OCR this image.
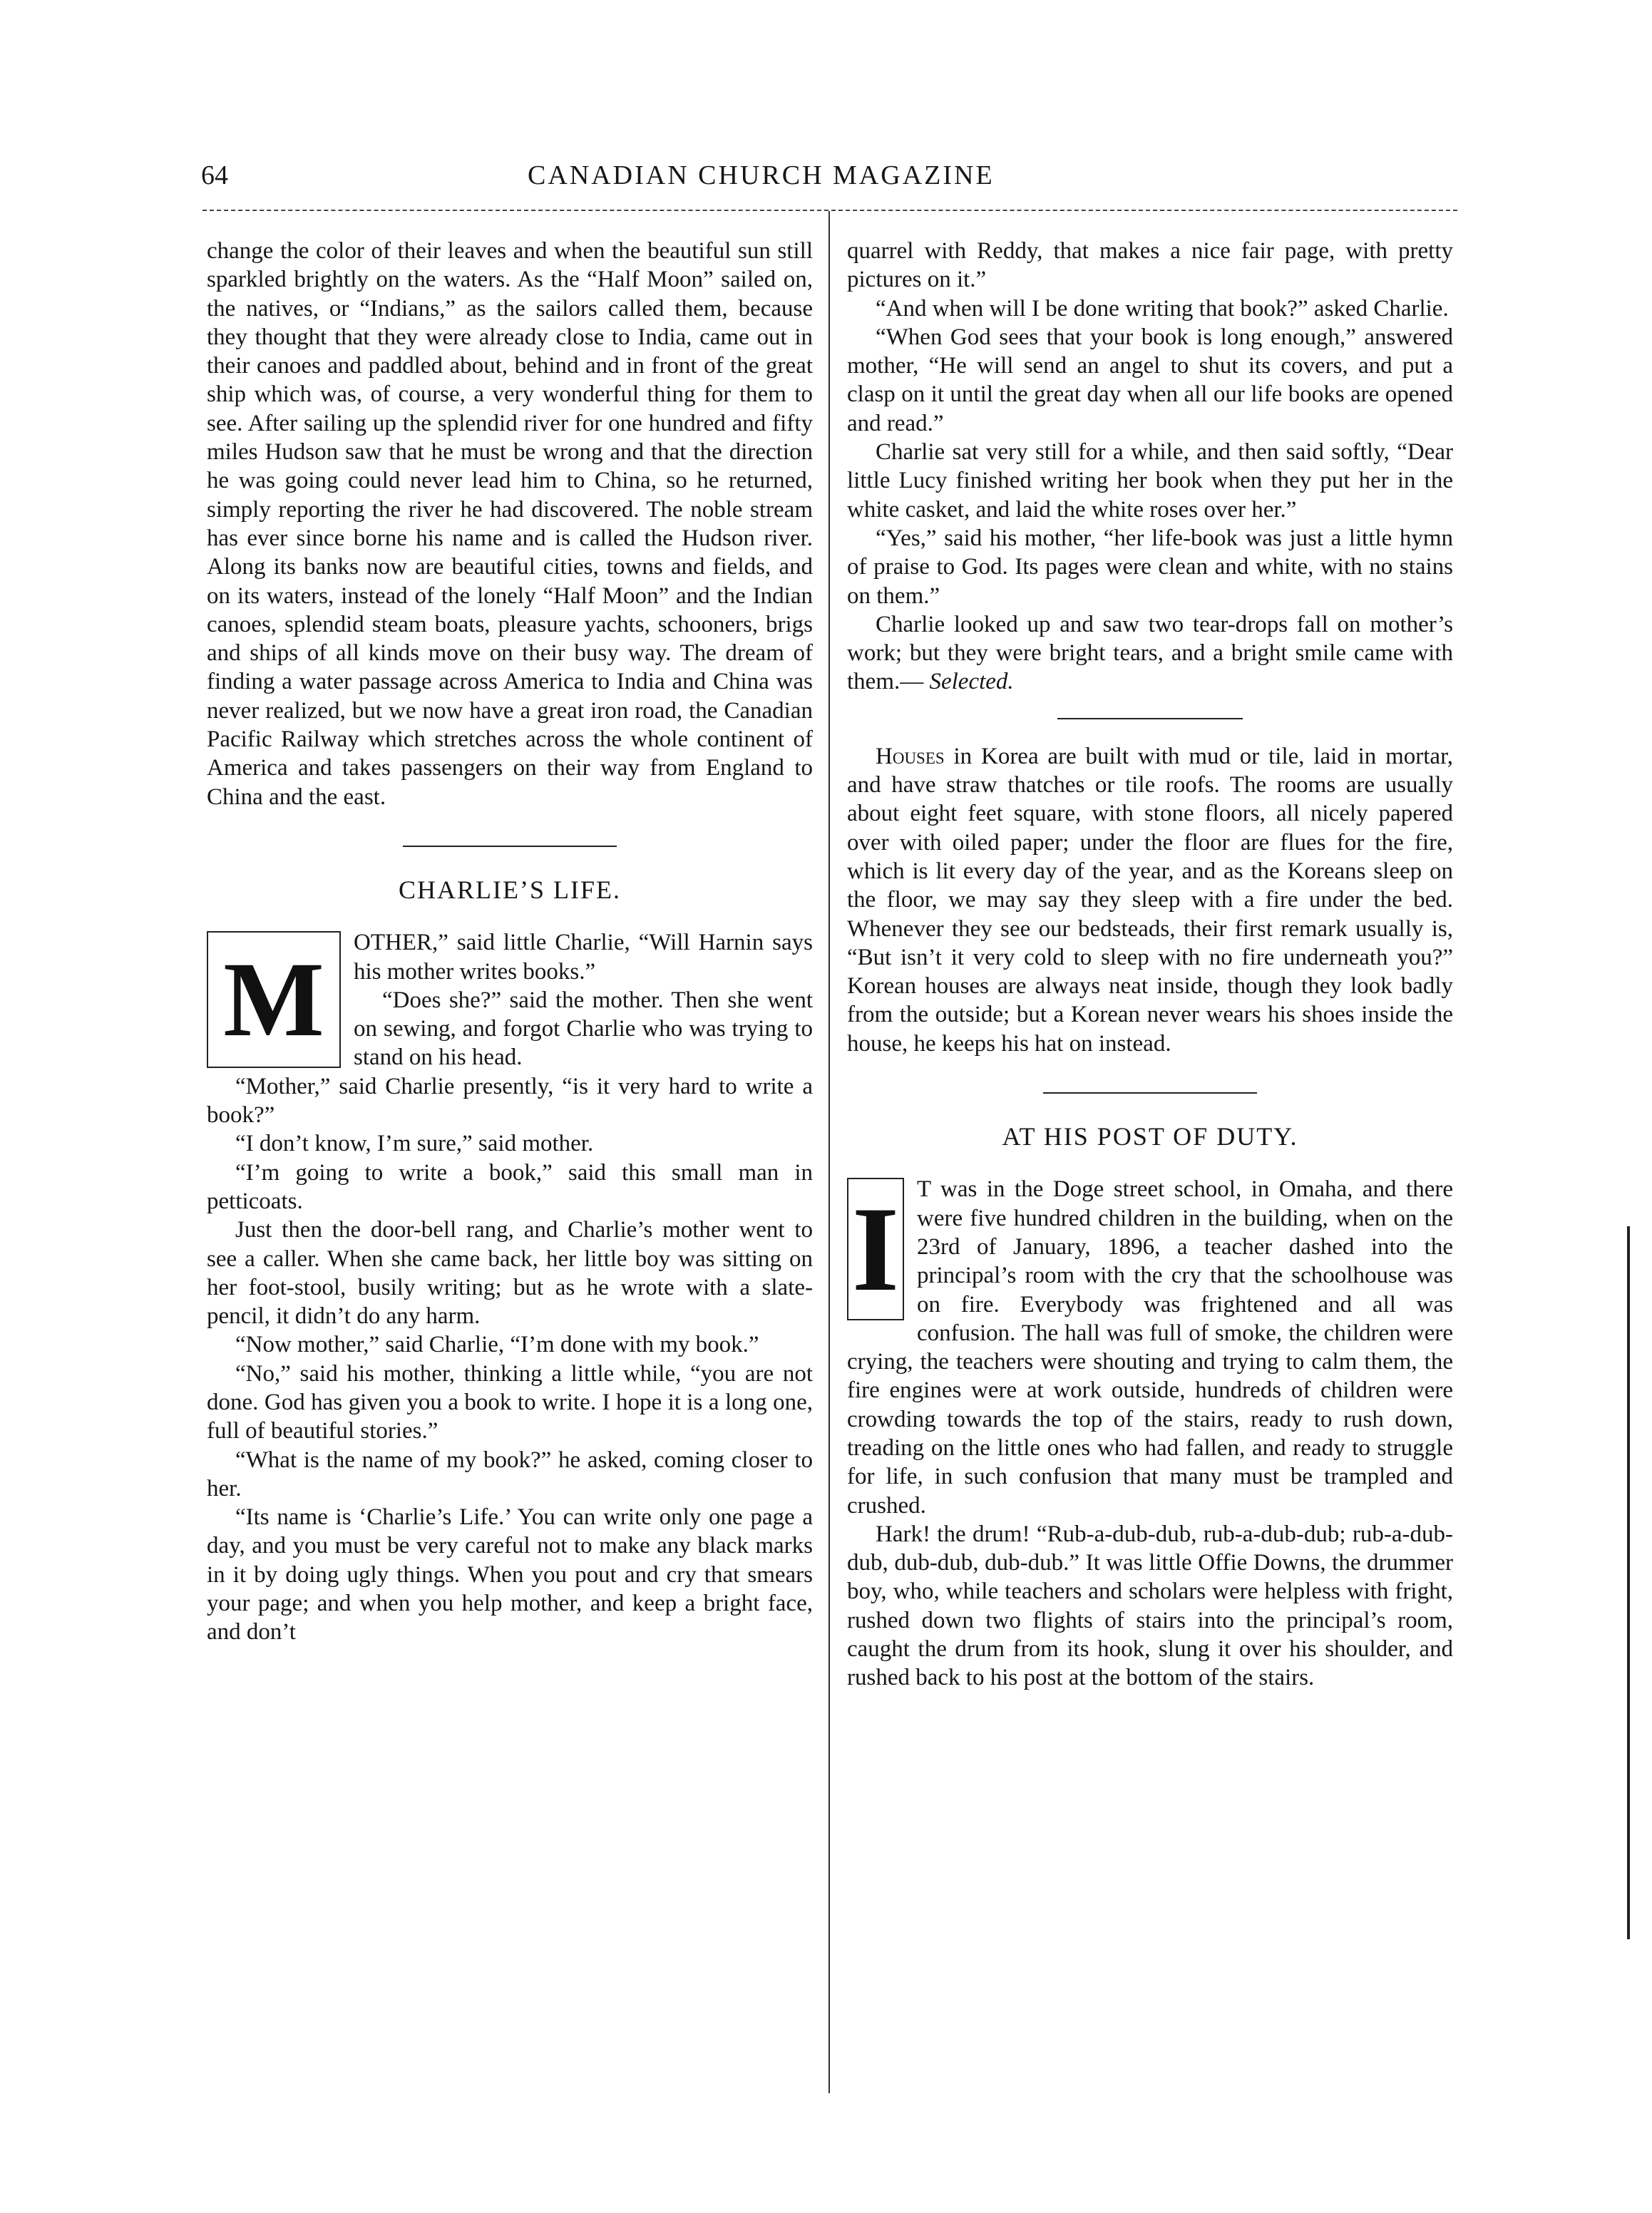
64	CANADIAN CHURCH MAGAZINE

change the color of their leaves and when the beautiful sun still sparkled brightly on the waters. As the “Half Moon” sailed on, the natives, or “Indians,” as the sailors called them, because they thought that they were already close to India, came out in their canoes and paddled about, behind and in front of the great ship which was, of course, a very wonderful thing for them to see. After sailing up the splendid river for one hundred and fifty miles Hudson saw that he must be wrong and that the direction he was going could never lead him to China, so he returned, simply reporting the river he had discovered. The noble stream has ever since borne his name and is called the Hudson river. Along its banks now are beautiful cities, towns and fields, and on its waters, instead of the lonely “Half Moon” and the Indian canoes, splendid steam boats, pleasure yachts, schooners, brigs and ships of all kinds move on their busy way. The dream of finding a water passage across America to India and China was never realized, but we now have a great iron road, the Canadian Pacific Railway which stretches across the whole continent of America and takes passengers on their way from England to China and the east.

CHARLIE’S LIFE.

M	OTHER,” said little Charlie, “Will Harnin says his mother writes books.”

“Does she?” said the mother. Then she went on sewing, and forgot Charlie who was trying to stand on his head.

“Mother,” said Charlie presently, “is it very hard to write a book?”

“I don’t know, I’m sure,” said mother.

“I’m going to write a book,” said this small man in petticoats.

Just then the door-bell rang, and Charlie’s mother went to see a caller. When she came back, her little boy was sitting on her foot-stool, busily writing; but as he wrote with a slate-pencil, it didn’t do any harm.

“Now mother,” said Charlie, “I’m done with my book.”

“No,” said his mother, thinking a little while, “you are not done. God has given you a book to write. I hope it is a long one, full of beautiful stories.”

“What is the name of my book?” he asked, coming closer to her.

“Its name is ‘Charlie’s Life.’ You can write only one page a day, and you must be very careful not to make any black marks in it by doing ugly things. When you pout and cry that smears your page; and when you help mother, and keep a bright face, and don’t

quarrel with Reddy, that makes a nice fair page, with pretty pictures on it.”

“And when will I be done writing that book?” asked Charlie.

“When God sees that your book is long enough,” answered mother, “He will send an angel to shut its covers, and put a clasp on it until the great day when all our life books are opened and read.”

Charlie sat very still for a while, and then said softly, “Dear little Lucy finished writing her book when they put her in the white casket, and laid the white roses over her.”

“Yes,” said his mother, “her life-book was just a little hymn of praise to God. Its pages were clean and white, with no stains on them.”

Charlie looked up and saw two tear-drops fall on mother’s work; but they were bright tears, and a bright smile came with them.— Selected.

Houses in Korea are built with mud or tile, laid in mortar, and have straw thatches or tile roofs. The rooms are usually about eight feet square, with stone floors, all nicely papered over with oiled paper; under the floor are flues for the fire, which is lit every day of the year, and as the Koreans sleep on the floor, we may say they sleep with a fire under the bed. Whenever they see our bedsteads, their first remark usually is, “But isn’t it very cold to sleep with no fire underneath you?” Korean houses are always neat inside, though they look badly from the outside; but a Korean never wears his shoes inside the house, he keeps his hat on instead.

AT HIS POST OF DUTY.

I T was in the Doge street school, in Omaha, and there were five hundred children in the building, when on the 23rd of January, 1896, a teacher dashed into the principal’s room with the cry that the schoolhouse was on fire. Everybody was frightened and all was confusion. The hall was full of smoke, the children were crying, the teachers were shouting and trying to calm them, the fire engines were at work outside, hundreds of children were crowding towards the top of the stairs, ready to rush down, treading on the little ones who had fallen, and ready to struggle for life, in such confusion that many must be trampled and crushed.

Hark! the drum! “Rub-a-dub-dub, rub-a-dub-dub; rub-a-dub-dub, dub-dub, dub-dub.” It was little Offie Downs, the drummer boy, who, while teachers and scholars were helpless with fright, rushed down two flights of stairs into the principal’s room, caught the drum from its hook, slung it over his shoulder, and rushed back to his post at the bottom of the stairs.
